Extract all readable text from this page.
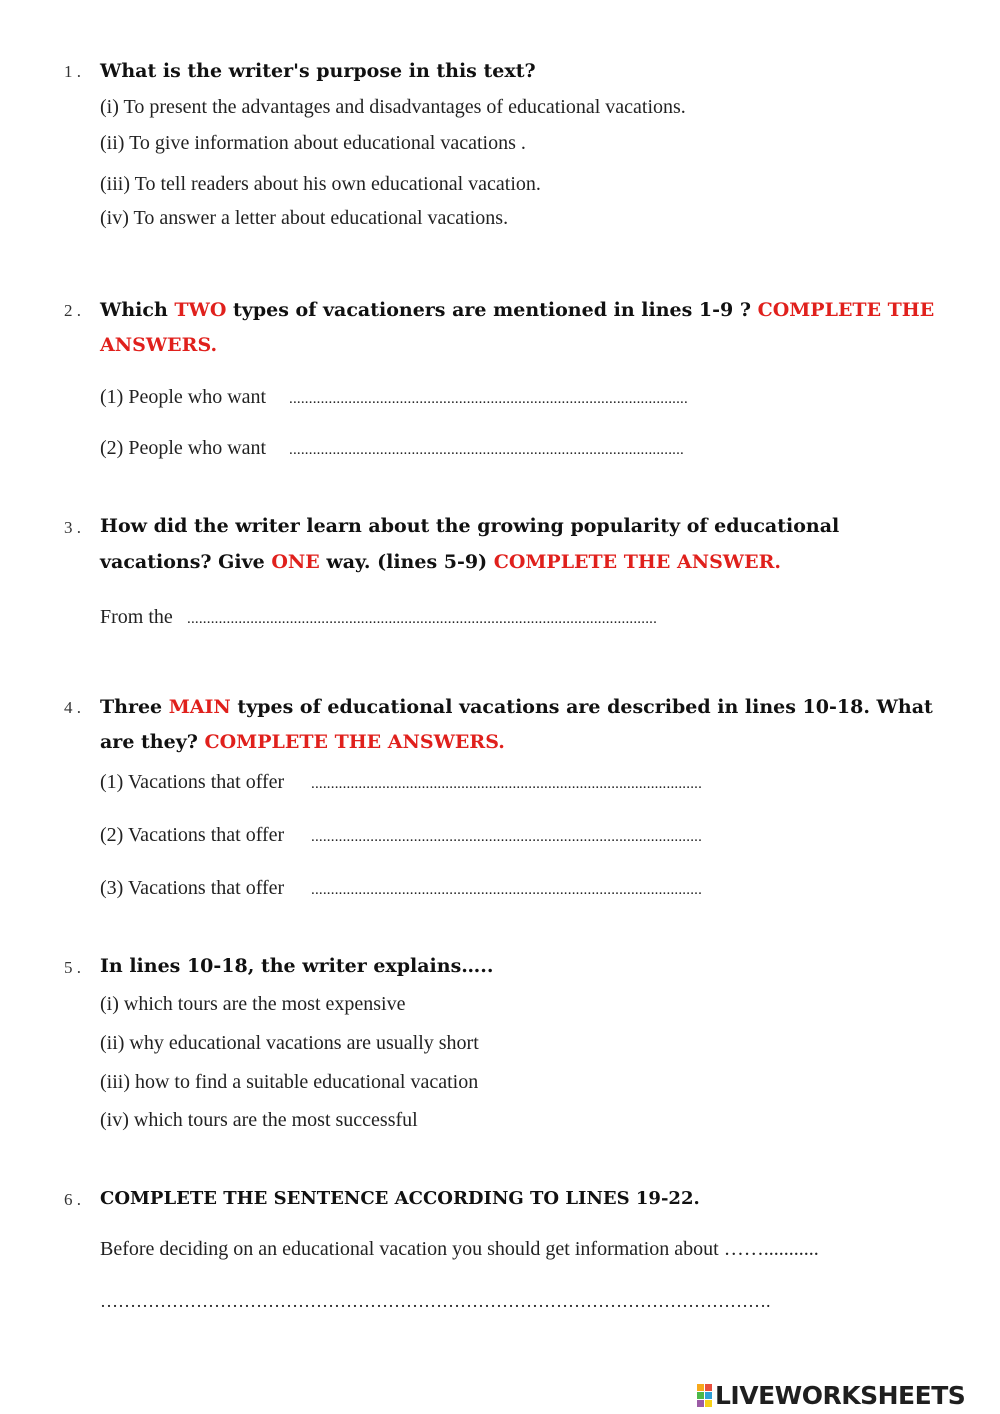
1 . What is the writer's purpose in this text?
(i) To present the advantages and disadvantages of educational vacations.
(ii) To give information about educational vacations .
(iii) To tell readers about his own educational vacation.
(iv) To answer a letter about educational vacations.
2 . Which TWO types of vacationers are mentioned in lines 1-9 ? COMPLETE THE
ANSWERS.
(1) People who want .....................................................................................................
(2) People who want ....................................................................................................
3 . How did the writer learn about the growing popularity of educational
vacations? Give ONE way. (lines 5-9) COMPLETE THE ANSWER.
From the .......................................................................................................................
4 . Three MAIN types of educational vacations are described in lines 10-18. What
are they? COMPLETE THE ANSWERS.
(1) Vacations that offer ...................................................................................................
(2) Vacations that offer ...................................................................................................
(3) Vacations that offer ...................................................................................................
5 . In lines 10-18, the writer explains…..
(i) which tours are the most expensive
(ii) why educational vacations are usually short
(iii) how to find a suitable educational vacation
(iv) which tours are the most successful
6 . COMPLETE THE SENTENCE ACCORDING TO LINES 19-22.
Before deciding on an educational vacation you should get information about ……...........
………………………………………………………………………………………………….
LIVEWORKSHEETS
